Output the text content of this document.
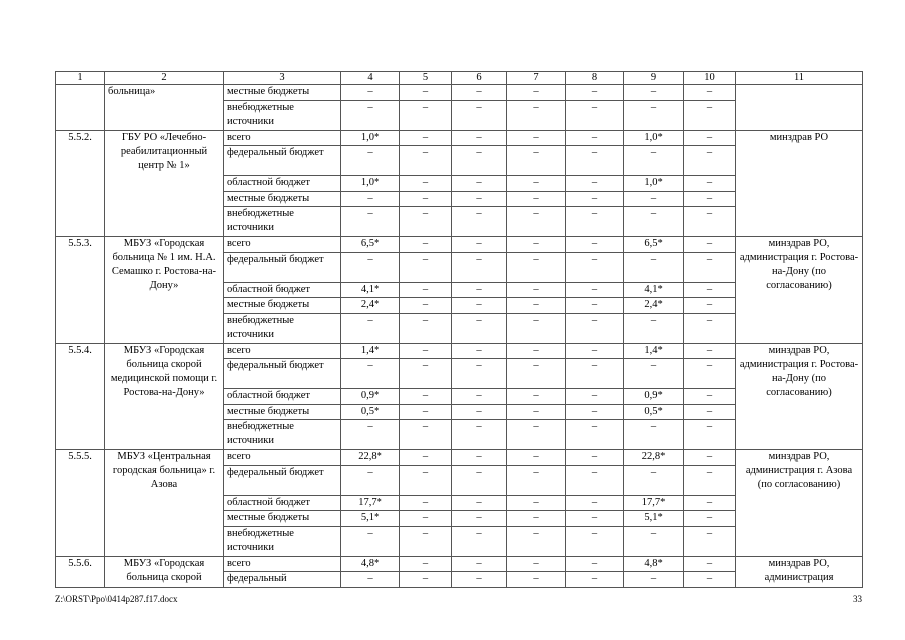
1	2	3	4	5	6	7	8	9	10	11
	больница»	местные бюджеты	–	–	–	–	–	–	–	
		внебюджетные источники	–	–	–	–	–	–	–	
5.5.2.	ГБУ РО «Лечебно-реабилитационный центр № 1»	всего	1,0*	–	–	–	–	1,0*	–	минздрав РО
		федеральный бюджет	–	–	–	–	–	–	–	
		областной бюджет	1,0*	–	–	–	–	1,0*	–	
		местные бюджеты	–	–	–	–	–	–	–	
		внебюджетные источники	–	–	–	–	–	–	–	
5.5.3.	МБУЗ «Городская больница № 1 им. Н.А. Семашко г. Ростова-на-Дону»	всего	6,5*	–	–	–	–	6,5*	–	минздрав РО, администрация г. Ростова-на-Дону (по согласованию)
		федеральный бюджет	–	–	–	–	–	–	–	
		областной бюджет	4,1*	–	–	–	–	4,1*	–	
		местные бюджеты	2,4*	–	–	–	–	2,4*	–	
		внебюджетные источники	–	–	–	–	–	–	–	
5.5.4.	МБУЗ «Городская больница скорой медицинской помощи г. Ростова-на-Дону»	всего	1,4*	–	–	–	–	1,4*	–	минздрав РО, администрация г. Ростова-на-Дону (по согласованию)
		федеральный бюджет	–	–	–	–	–	–	–	
		областной бюджет	0,9*	–	–	–	–	0,9*	–	
		местные бюджеты	0,5*	–	–	–	–	0,5*	–	
		внебюджетные источники	–	–	–	–	–	–	–	
5.5.5.	МБУЗ «Центральная городская больница» г. Азова	всего	22,8*	–	–	–	–	22,8*	–	минздрав РО, администрация г. Азова (по согласованию)
		федеральный бюджет	–	–	–	–	–	–	–	
		областной бюджет	17,7*	–	–	–	–	17,7*	–	
		местные бюджеты	5,1*	–	–	–	–	5,1*	–	
		внебюджетные источники	–	–	–	–	–	–	–	
5.5.6.	МБУЗ «Городская больница скорой	всего	4,8*	–	–	–	–	4,8*	–	минздрав РО, администрация
		федеральный	–	–	–	–	–	–	–	
Z:\ORST\Ppo\0414p287.f17.docx	33
